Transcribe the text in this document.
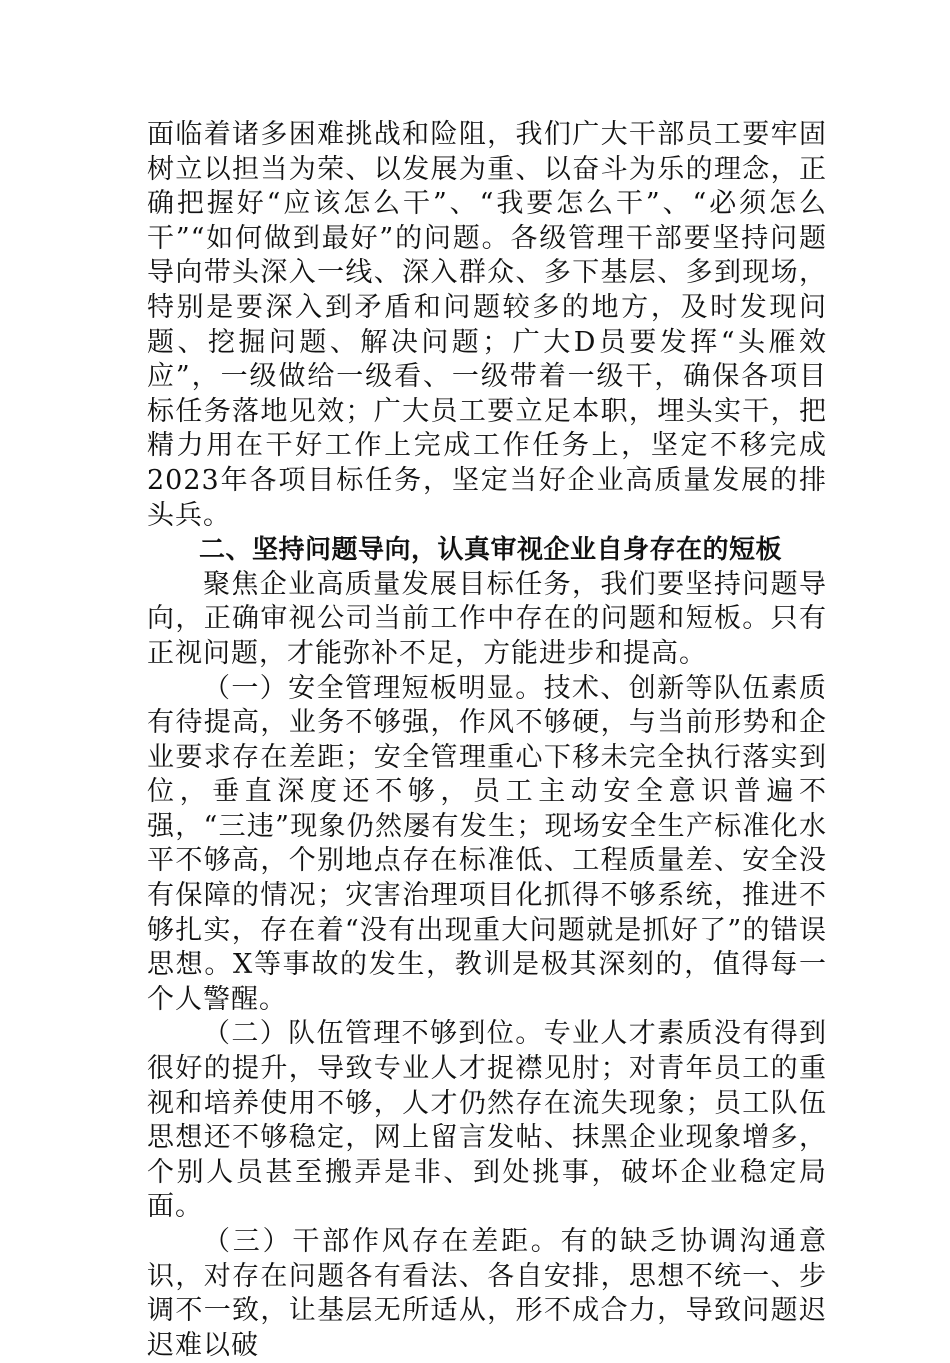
面临着诸多困难挑战和险阻，我们广大干部员工要牢固树立以担当为荣、以发展为重、以奋斗为乐的理念，正确把握好“应该怎么干”、“我要怎么干”、“必须怎么干”“如何做到最好”的问题。各级管理干部要坚持问题导向带头深入一线、深入群众、多下基层、多到现场，特别是要深入到矛盾和问题较多的地方，及时发现问题、挖掘问题、解决问题；广大D员要发挥“头雁效应”，一级做给一级看、一级带着一级干，确保各项目标任务落地见效；广大员工要立足本职，埋头实干，把精力用在干好工作上完成工作任务上，坚定不移完成2023年各项目标任务，坚定当好企业高质量发展的排头兵。

二、坚持问题导向，认真审视企业自身存在的短板

聚焦企业高质量发展目标任务，我们要坚持问题导向，正确审视公司当前工作中存在的问题和短板。只有正视问题，才能弥补不足，方能进步和提高。

（一）安全管理短板明显。技术、创新等队伍素质有待提高，业务不够强，作风不够硬，与当前形势和企业要求存在差距；安全管理重心下移未完全执行落实到位，垂直深度还不够，员工主动安全意识普遍不强，“三违”现象仍然屡有发生；现场安全生产标准化水平不够高，个别地点存在标准低、工程质量差、安全没有保障的情况；灾害治理项目化抓得不够系统，推进不够扎实，存在着“没有出现重大问题就是抓好了”的错误思想。X等事故的发生，教训是极其深刻的，值得每一个人警醒。

（二）队伍管理不够到位。专业人才素质没有得到很好的提升，导致专业人才捉襟见肘；对青年员工的重视和培养使用不够，人才仍然存在流失现象；员工队伍思想还不够稳定，网上留言发帖、抹黑企业现象增多，个别人员甚至搬弄是非、到处挑事，破坏企业稳定局面。

（三）干部作风存在差距。有的缺乏协调沟通意识，对存在问题各有看法、各自安排，思想不统一、步调不一致，让基层无所适从，形不成合力，导致问题迟迟难以破
